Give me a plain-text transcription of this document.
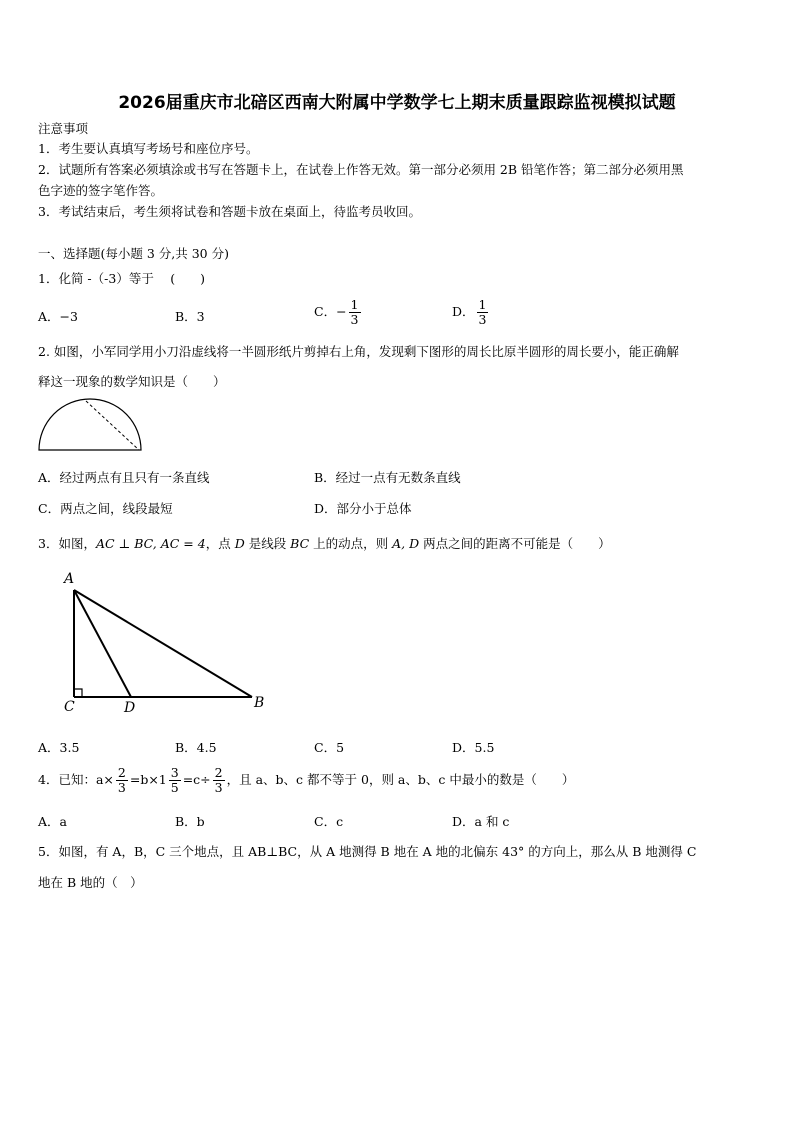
2026届重庆市北碚区西南大附属中学数学七上期末质量跟踪监视模拟试题
注意事项
1．考生要认真填写考场号和座位序号。
2．试题所有答案必须填涂或书写在答题卡上，在试卷上作答无效。第一部分必须用 2B 铅笔作答；第二部分必须用黑
色字迹的签字笔作答。
3．考试结束后，考生须将试卷和答题卡放在桌面上，待监考员收回。
一、选择题(每小题 3 分,共 30 分)
1．化简 -（-3）等于　 (　　)
A．−3	B．3	C．− $\frac{1}{3}$	D． $\frac{1}{3}$
2. 如图，小军同学用小刀沿虚线将一半圆形纸片剪掉右上角，发现剩下图形的周长比原半圆形的周长要小，能正确解
释这一现象的数学知识是（　　）
A．经过两点有且只有一条直线	B．经过一点有无数条直线
C．两点之间，线段最短	D．部分小于总体
3．如图，AC ⊥ BC, AC = 4，点 D 是线段 BC 上的动点，则 A, D 两点之间的距离不可能是（　　）
A
C	D	B
A．3.5	B．4.5	C．5	D．5.5
4．已知：$a\times \frac{2}{3} =b\times 1 \frac{3}{5} =c\div \frac{2}{3}$ ，且 a、b、c 都不等于 0，则 a、b、c 中最小的数是（　　）
A．a	B．b	C．c	D．a 和 c
5．如图，有 A，B，C 三个地点，且 AB⊥BC，从 A 地测得 B 地在 A 地的北偏东 43° 的方向上，那么从 B 地测得 C
地在 B 地的（　）
